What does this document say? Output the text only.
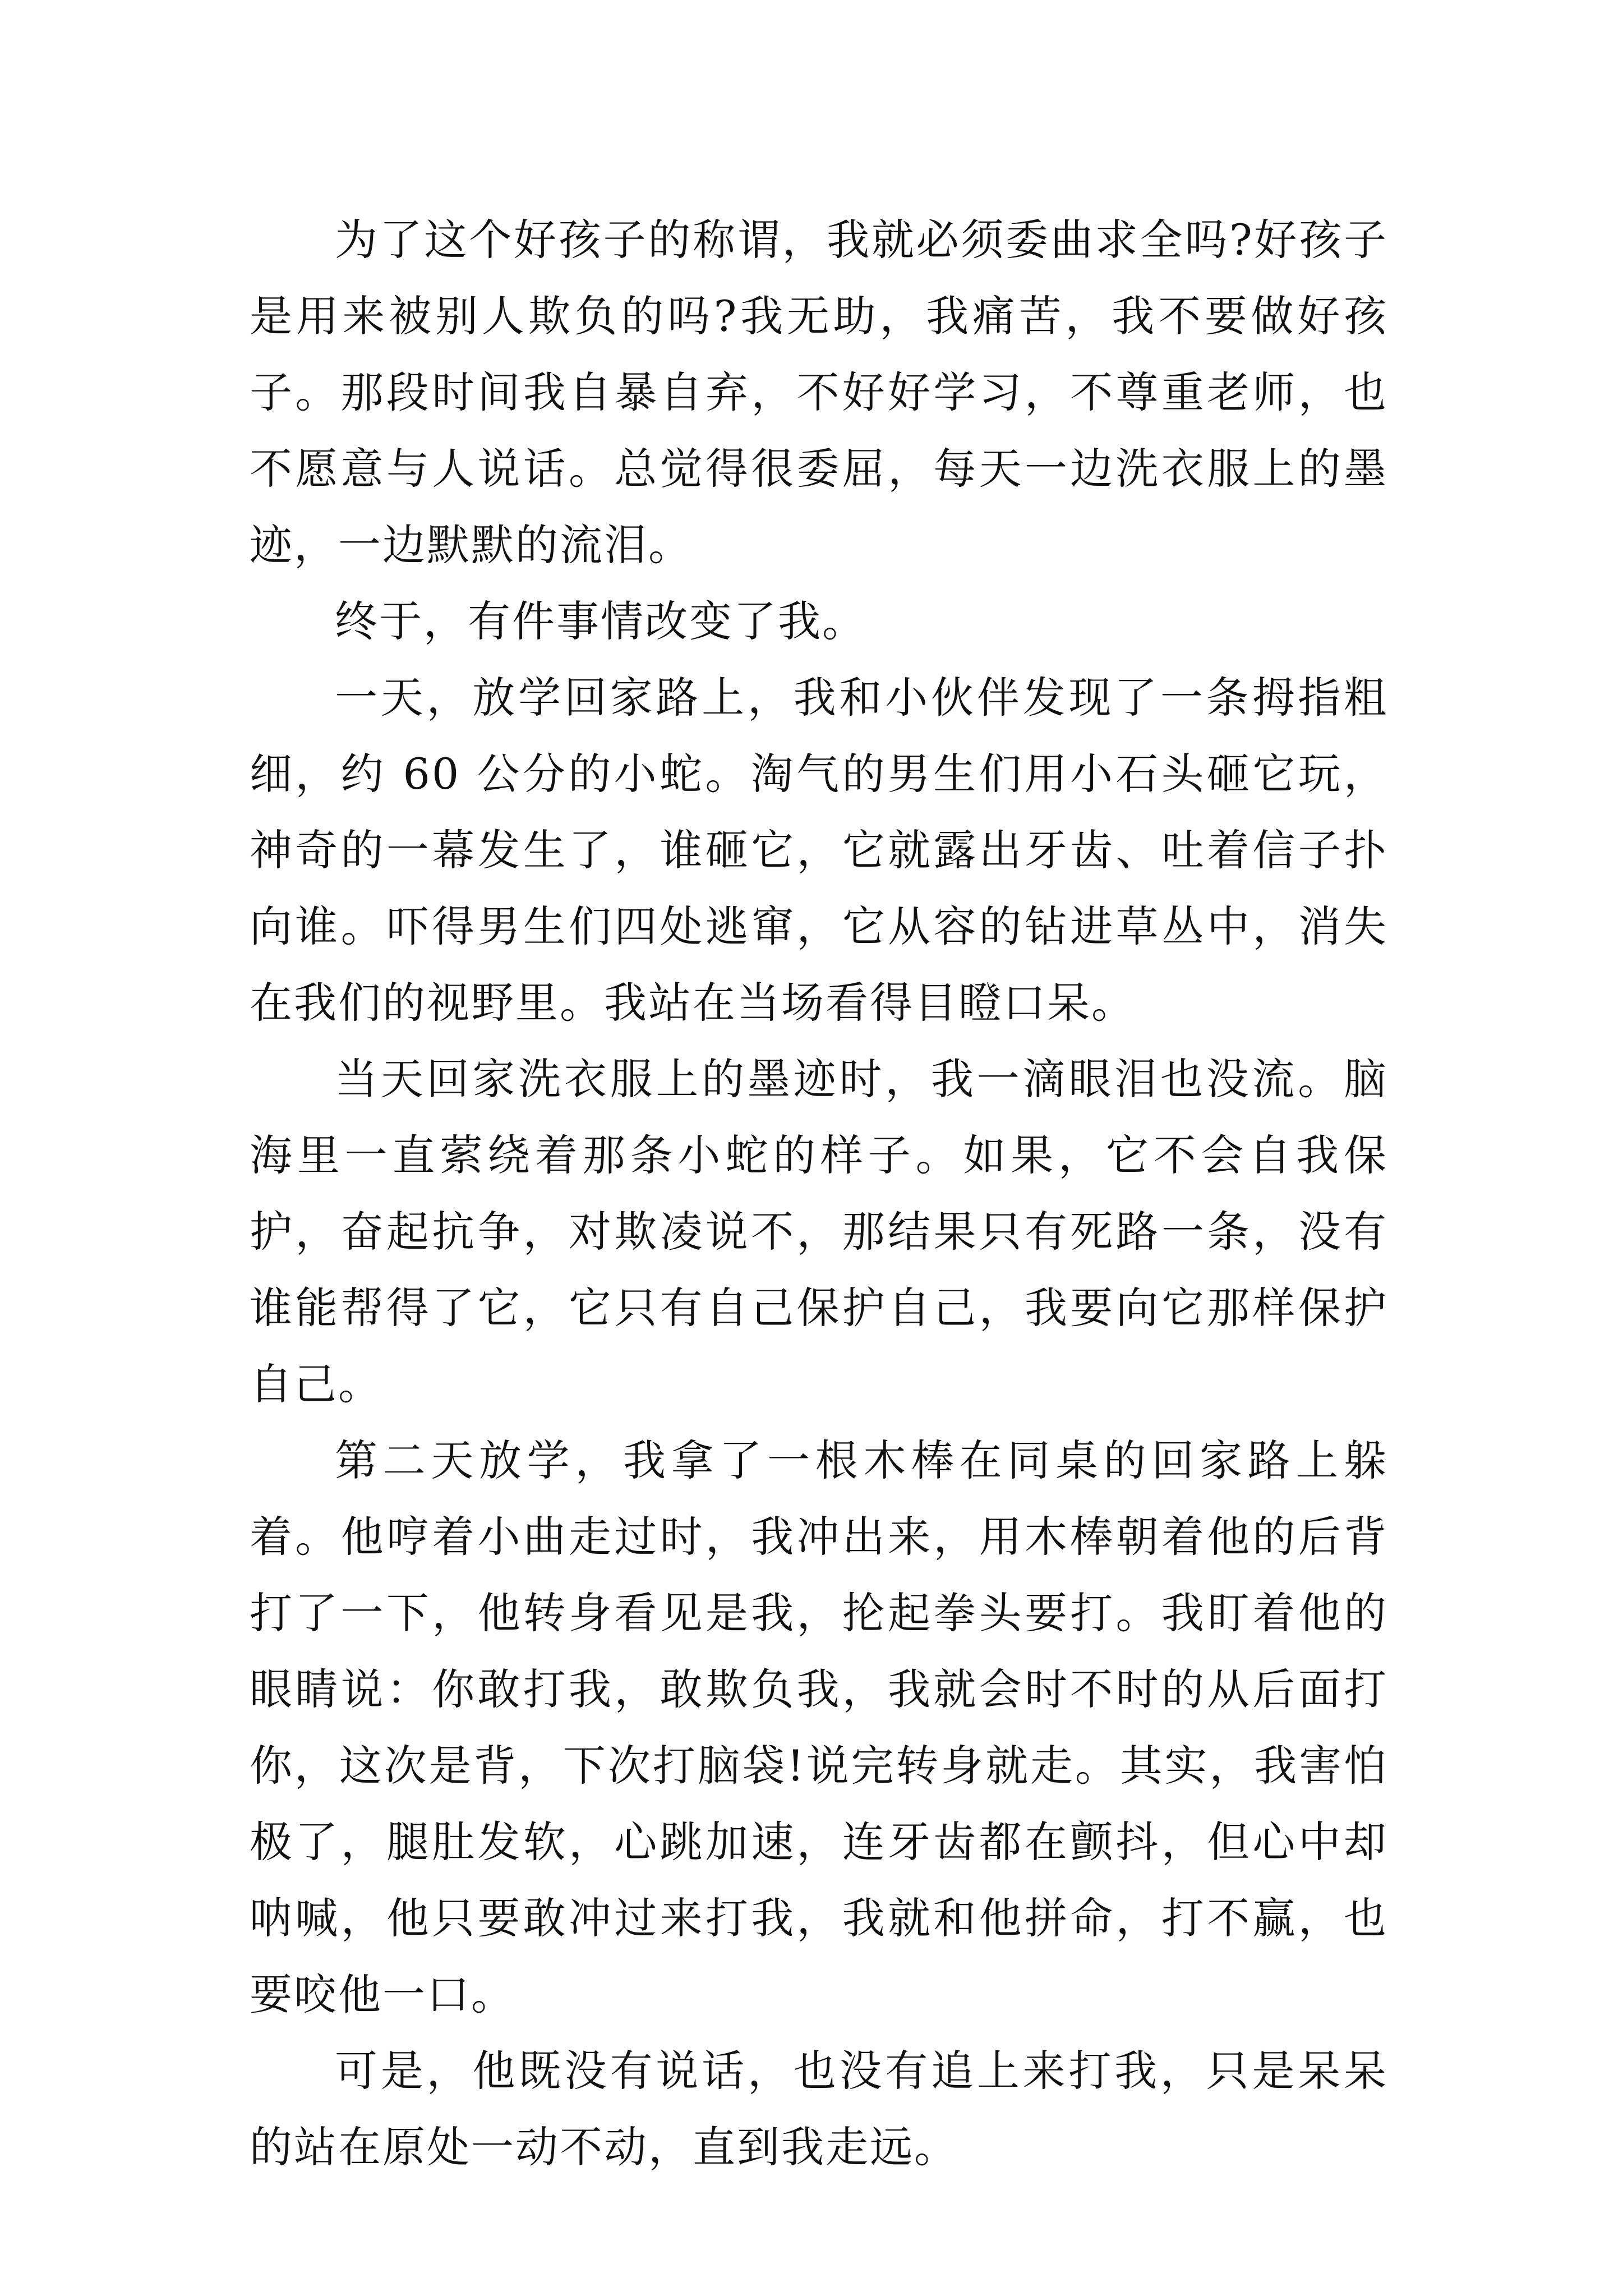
为了这个好孩子的称谓，我就必须委曲求全吗?好孩子是用来被别人欺负的吗?我无助，我痛苦，我不要做好孩子。那段时间我自暴自弃，不好好学习，不尊重老师，也不愿意与人说话。总觉得很委屈，每天一边洗衣服上的墨迹，一边默默的流泪。

终于，有件事情改变了我。

一天，放学回家路上，我和小伙伴发现了一条拇指粗细，约 60 公分的小蛇。淘气的男生们用小石头砸它玩，神奇的一幕发生了，谁砸它，它就露出牙齿、吐着信子扑向谁。吓得男生们四处逃窜，它从容的钻进草丛中，消失在我们的视野里。我站在当场看得目瞪口呆。

当天回家洗衣服上的墨迹时，我一滴眼泪也没流。脑海里一直萦绕着那条小蛇的样子。如果，它不会自我保护，奋起抗争，对欺凌说不，那结果只有死路一条，没有谁能帮得了它，它只有自己保护自己，我要向它那样保护自己。

第二天放学，我拿了一根木棒在同桌的回家路上躲着。他哼着小曲走过时，我冲出来，用木棒朝着他的后背打了一下，他转身看见是我，抡起拳头要打。我盯着他的眼睛说：你敢打我，敢欺负我，我就会时不时的从后面打你，这次是背，下次打脑袋!说完转身就走。其实，我害怕极了，腿肚发软，心跳加速，连牙齿都在颤抖，但心中却呐喊，他只要敢冲过来打我，我就和他拼命，打不赢，也要咬他一口。

可是，他既没有说话，也没有追上来打我，只是呆呆的站在原处一动不动，直到我走远。
